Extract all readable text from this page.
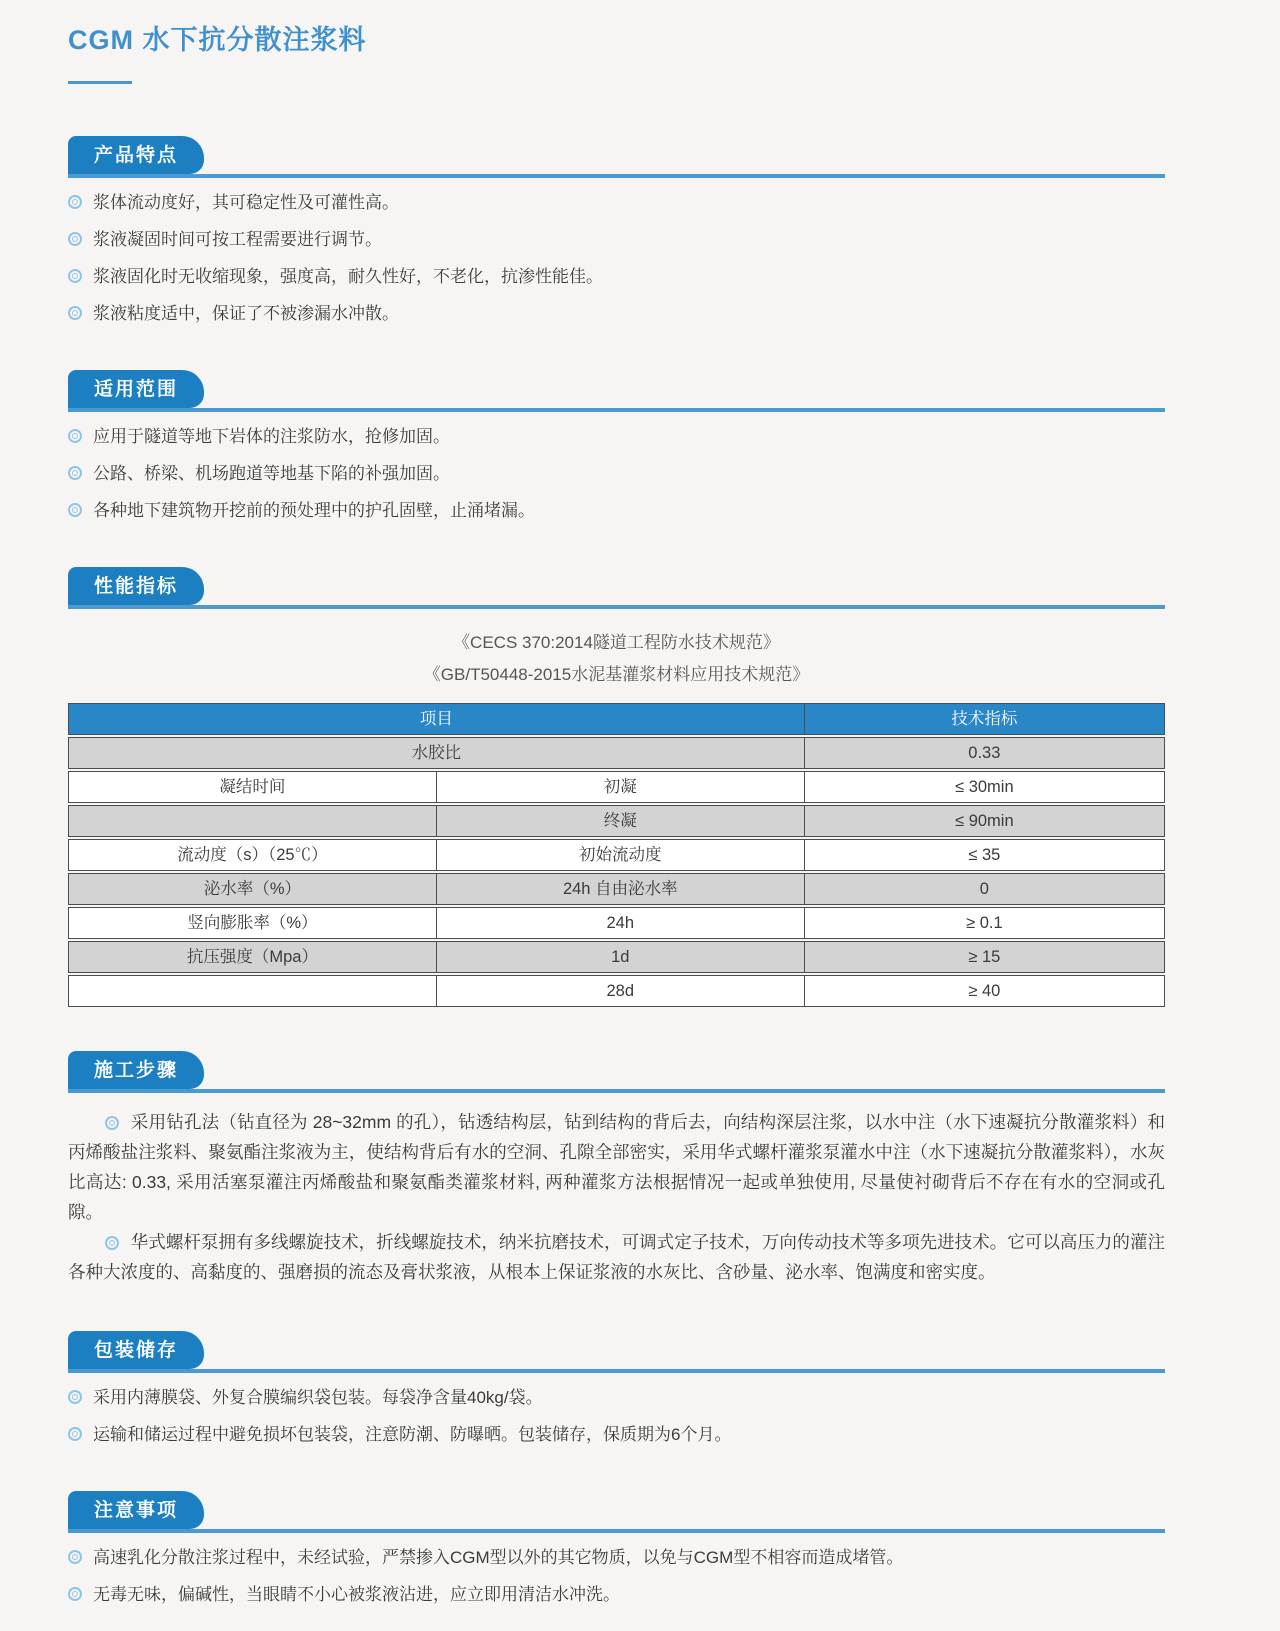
CGM 水下抗分散注浆料
产品特点
浆体流动度好，其可稳定性及可灌性高。
浆液凝固时间可按工程需要进行调节。
浆液固化时无收缩现象，强度高，耐久性好，不老化，抗渗性能佳。
浆液粘度适中，保证了不被渗漏水冲散。
适用范围
应用于隧道等地下岩体的注浆防水，抢修加固。
公路、桥梁、机场跑道等地基下陷的补强加固。
各种地下建筑物开挖前的预处理中的护孔固壁，止涌堵漏。
性能指标
《CECS 370:2014隧道工程防水技术规范》
《GB/T50448-2015水泥基灌浆材料应用技术规范》
项目	技术指标
水胶比	0.33
凝结时间	初凝	≤ 30min
终凝	≤ 90min
流动度（s）（25℃）	初始流动度	≤ 35
泌水率（%）	24h 自由泌水率	0
竖向膨胀率（%）	24h	≥ 0.1
抗压强度（Mpa）	1d	≥ 15
28d	≥ 40
施工步骤

采用钻孔法（钻直径为 28~32mm 的孔），钻透结构层，钻到结构的背后去，向结构深层注浆，以水中注（水下速凝抗分散灌浆料）和丙烯酸盐注浆料、聚氨酯注浆液为主，使结构背后有水的空洞、孔隙全部密实，采用华式螺杆灌浆泵灌水中注（水下速凝抗分散灌浆料），水灰比高达: 0.33, 采用活塞泵灌注丙烯酸盐和聚氨酯类灌浆材料, 两种灌浆方法根据情况一起或单独使用, 尽量使衬砌背后不存在有水的空洞或孔隙。

华式螺杆泵拥有多线螺旋技术，折线螺旋技术，纳米抗磨技术，可调式定子技术，万向传动技术等多项先进技术。它可以高压力的灌注各种大浓度的、高黏度的、强磨损的流态及膏状浆液，从根本上保证浆液的水灰比、含砂量、泌水率、饱满度和密实度。

包装储存
采用内薄膜袋、外复合膜编织袋包装。每袋净含量40kg/袋。
运输和储运过程中避免损坏包装袋，注意防潮、防曝晒。包装储存，保质期为6个月。
注意事项
高速乳化分散注浆过程中，未经试验，严禁掺入CGM型以外的其它物质，以免与CGM型不相容而造成堵管。
无毒无味，偏碱性，当眼睛不小心被浆液沾进，应立即用清洁水冲洗。
